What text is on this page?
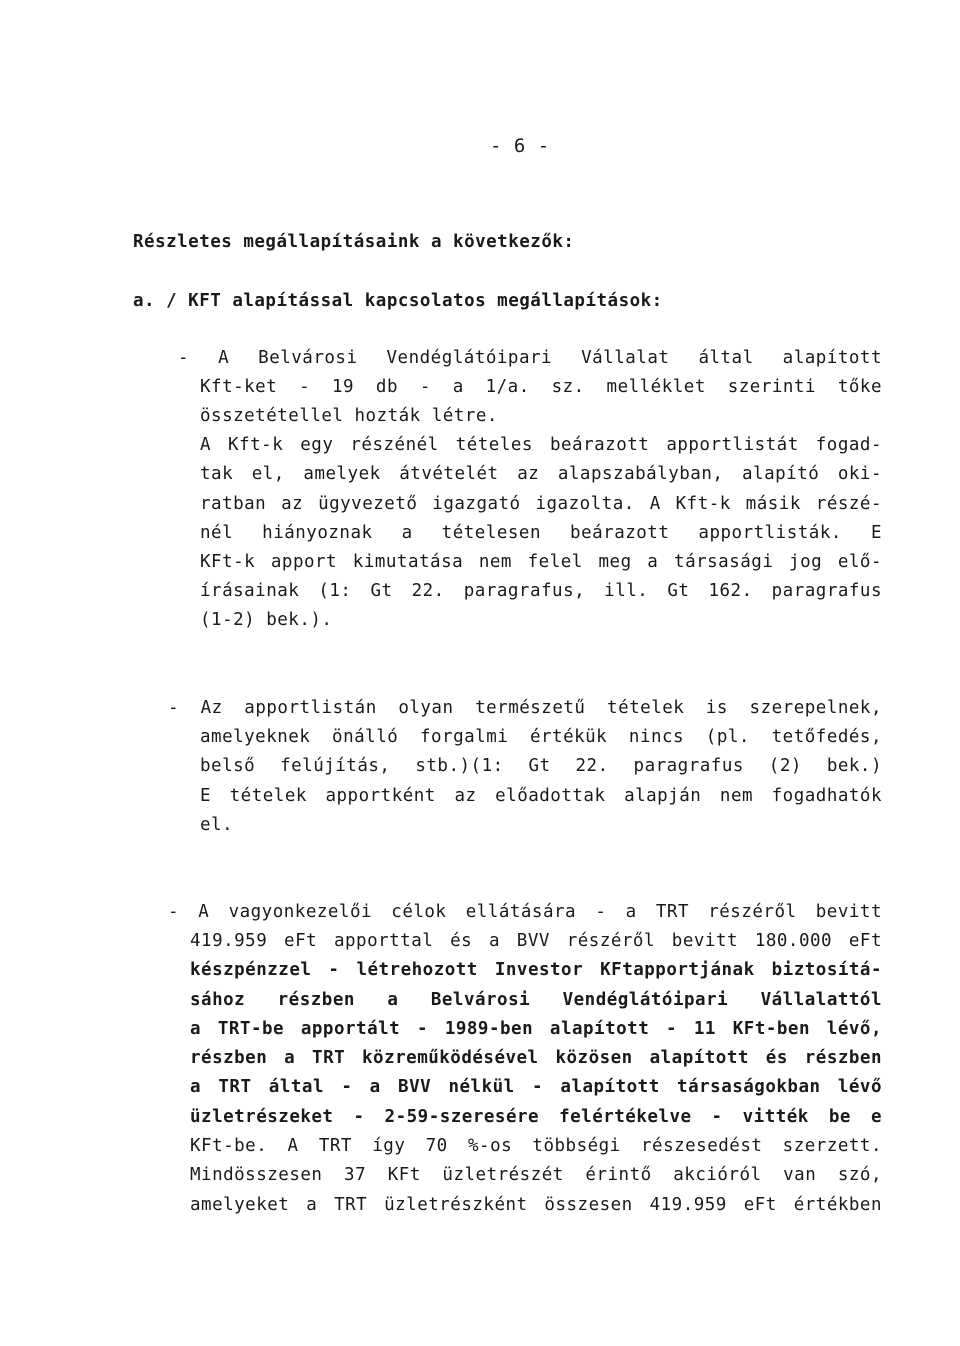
- 6 -
Részletes megállapításaink a következők:
a. / KFT alapítással kapcsolatos megállapítások:
- A Belvárosi Vendéglátóipari Vállalat által alapított
Kft-ket - 19 db - a 1/a. sz. melléklet szerinti tőke
összetétellel hozták létre.
A Kft-k egy részénél tételes beárazott apportlistát fogad-
tak el, amelyek átvételét az alapszabályban, alapító oki-
ratban az ügyvezető igazgató igazolta. A Kft-k másik részé-
nél hiányoznak a tételesen beárazott apportlisták. E
KFt-k apport kimutatása nem felel meg a társasági jog elő-
írásainak (1: Gt 22. paragrafus, ill. Gt 162. paragrafus
(1-2) bek.).
- Az apportlistán olyan természetű tételek is szerepelnek,
amelyeknek önálló forgalmi értékük nincs (pl. tetőfedés,
belső felújítás, stb.)(1: Gt 22. paragrafus (2) bek.)
E tételek apportként az előadottak alapján nem fogadhatók
el.
- A vagyonkezelői célok ellátására - a TRT részéről bevitt
419.959 eFt apporttal és a BVV részéről bevitt 180.000 eFt
készpénzzel - létrehozott Investor KFtapportjának biztosítá-
sához részben a Belvárosi Vendéglátóipari Vállalattól
a TRT-be apportált - 1989-ben alapított - 11 KFt-ben lévő,
részben a TRT közreműködésével közösen alapított és részben
a TRT által - a BVV nélkül - alapított társaságokban lévő
üzletrészeket - 2-59-szeresére felértékelve - vitték be e
KFt-be. A TRT így 70 %-os többségi részesedést szerzett.
Mindösszesen 37 KFt üzletrészét érintő akcióról van szó,
amelyeket a TRT üzletrészként összesen 419.959 eFt értékben
